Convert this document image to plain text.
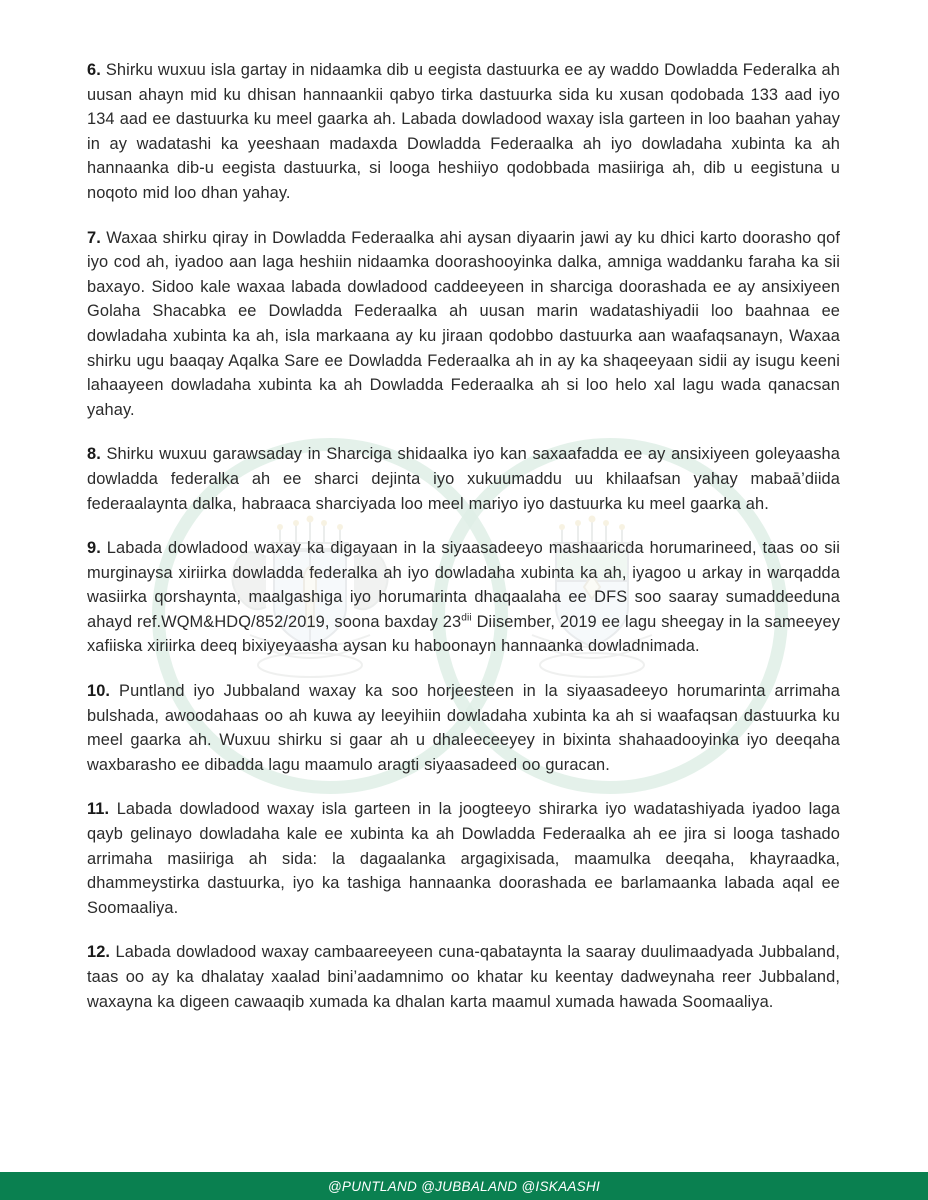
6. Shirku wuxuu isla gartay in nidaamka dib u eegista dastuurka ee ay waddo Dowladda Federalka ah uusan ahayn mid ku dhisan hannaankii qabyo tirka dastuurka sida ku xusan qodobada 133 aad iyo 134 aad ee dastuurka ku meel gaarka ah. Labada dowladood waxay isla garteen in loo baahan yahay in ay wadatashi ka yeeshaan madaxda Dowladda Federaalka ah iyo dowladaha xubinta ka ah hannaanka dib-u eegista dastuurka, si looga heshiiyo qodobbada masiiriga ah, dib u eegistuna u noqoto mid loo dhan yahay.

7. Waxaa shirku qiray in Dowladda Federaalka ahi aysan diyaarin jawi ay ku dhici karto doorasho qof iyo cod ah, iyadoo aan laga heshiin nidaamka doorashooyinka dalka, amniga waddanku faraha ka sii baxayo. Sidoo kale waxaa labada dowladood caddeeyeen in sharciga doorashada ee ay ansixiyeen Golaha Shacabka ee Dowladda Federaalka ah uusan marin wadatashiyadii loo baahnaa ee dowladaha xubinta ka ah, isla markaana ay ku jiraan qodobbo dastuurka aan waafaqsanayn, Waxaa shirku ugu baaqay Aqalka Sare ee Dowladda Federaalka ah in ay ka shaqeeyaan sidii ay isugu keeni lahaayeen dowladaha xubinta ka ah Dowladda Federaalka ah si loo helo xal lagu wada qanacsan yahay.

8. Shirku wuxuu garawsaday in Sharciga shidaalka iyo kan saxaafadda ee ay ansixiyeen goleyaasha dowladda federalka ah ee sharci dejinta iyo xukuumaddu uu khilaafsan yahay mabaā’diida federaalaynta dalka, habraaca sharciyada loo meel mariyo iyo dastuurka ku meel gaarka ah.

9. Labada dowladood waxay ka digayaan in la siyaasadeeyo mashaaricda horumarineed, taas oo sii murginaysa xiriirka dowladda federalka ah iyo dowladaha xubinta ka ah, iyagoo u arkay in warqadda wasiirka qorshaynta, maalgashiga iyo horumarinta dhaqaalaha ee DFS soo saaray sumaddeeduna ahayd ref.WQM&HDQ/852/2019, soona baxday $23^{dii}$ Diisember, 2019 ee lagu sheegay in la sameeyey xafiiska xiriirka deeq bixiyeyaasha aysan ku haboonayn hannaanka dowladnimada.

10. Puntland iyo Jubbaland waxay ka soo horjeesteen in la siyaasadeeyo horumarinta arrimaha bulshada, awoodahaas oo ah kuwa ay leeyihiin dowladaha xubinta ka ah si waafaqsan dastuurka ku meel gaarka ah. Wuxuu shirku si gaar ah u dhaleeceeyey in bixinta shahaadooyinka iyo deeqaha waxbarasho ee dibadda lagu maamulo aragti siyaasadeed oo guracan.

11. Labada dowladood waxay isla garteen in la joogteeyo shirarka iyo wadatashiyada iyadoo laga qayb gelinayo dowladaha kale ee xubinta ka ah Dowladda Federaalka ah ee jira si looga tashado arrimaha masiiriga ah sida: la dagaalanka argagixisada, maamulka deeqaha, khayraadka, dhammeystirka dastuurka, iyo ka tashiga hannaanka doorashada ee barlamaanka labada aqal ee Soomaaliya.

12. Labada dowladood waxay cambaareeyeen cuna-qabataynta la saaray duulimaadyada Jubbaland, taas oo ay ka dhalatay xaalad bini’aadamnimo oo khatar ku keentay dadweynaha reer Jubbaland, waxayna ka digeen cawaaqib xumada ka dhalan karta maamul xumada hawada Soomaaliya.

@PUNTLAND @JUBBALAND @ISKAASHI
